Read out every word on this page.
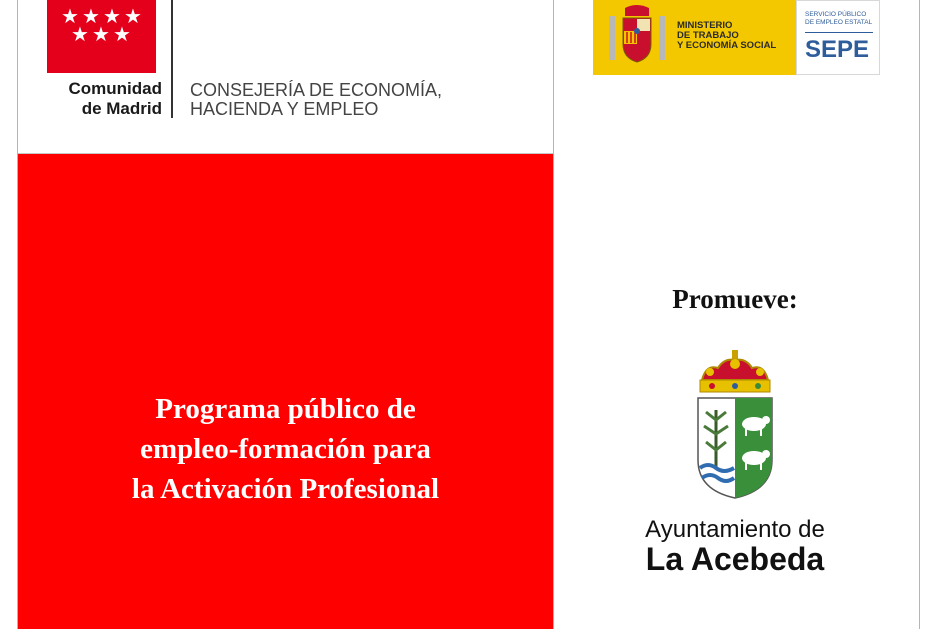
★ ★ ★ ★
★ ★ ★
Comunidad
de Madrid
CONSEJERÍA DE ECONOMÍA,
HACIENDA Y EMPLEO
Programa público de
empleo-formación para
la Activación Profesional
MINISTERIO
DE TRABAJO
Y ECONOMÍA SOCIAL
SERVICIO PÚBLICO
DE EMPLEO ESTATAL
SEPE
Promueve:
Ayuntamiento de
La Acebeda
